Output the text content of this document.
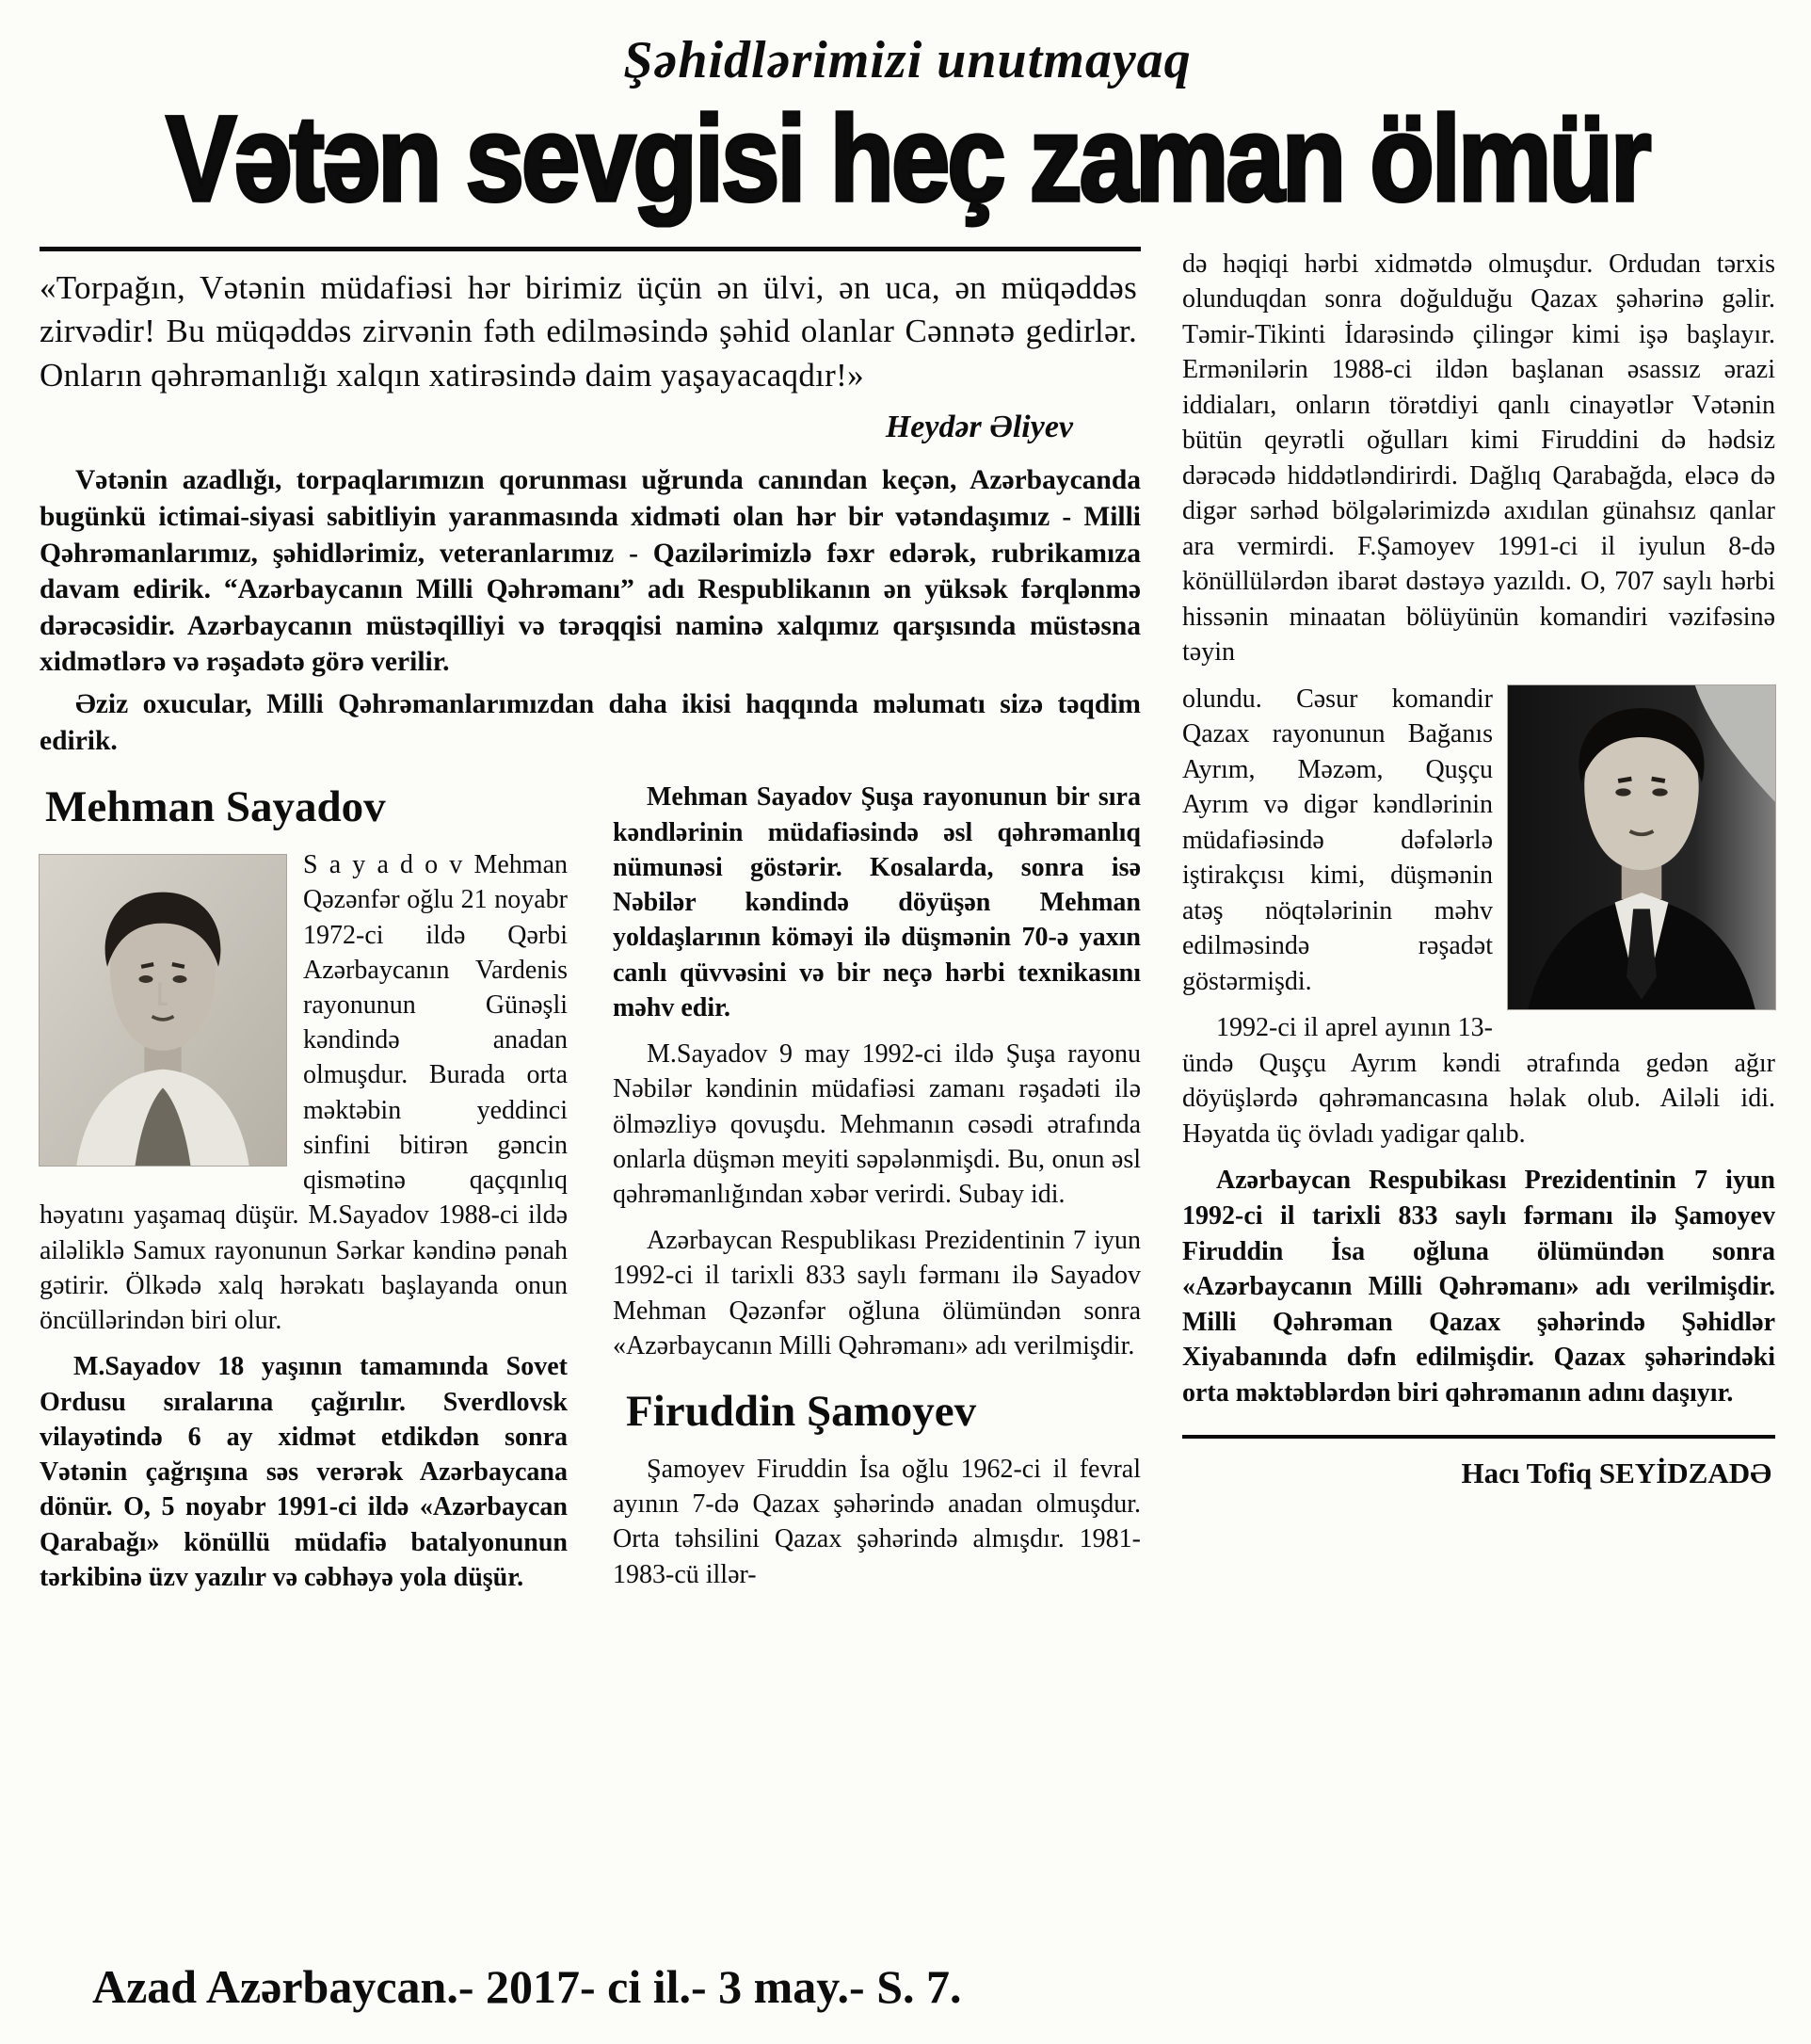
Şəhidlərimizi unutmayaq
Vətən sevgisi heç zaman ölmür
«Torpağın, Vətənin müdafiəsi hər birimiz üçün ən ülvi, ən uca, ən müqəddəs zirvədir! Bu müqəddəs zirvənin fəth edilməsində şəhid olanlar Cənnətə gedirlər. Onların qəhrəmanlığı xalqın xatirəsində daim yaşayacaqdır!»
Heydər Əliyev

Vətənin azadlığı, torpaqlarımızın qorunması uğrunda canından keçən, Azərbaycanda bugünkü ictimai-siyasi sabitliyin yaranmasında xidməti olan hər bir vətəndaşımız - Milli Qəhrəmanlarımız, şəhidlərimiz, veteranlarımız - Qazilərimizlə fəxr edərək, rubrikamıza davam edirik. “Azərbaycanın Milli Qəhrəmanı” adı Respublikanın ən yüksək fərqlənmə dərəcəsidir. Azərbaycanın müstəqilliyi və tərəqqisi naminə xalqımız qarşısında müstəsna xidmətlərə və rəşadətə görə verilir.

Əziz oxucular, Milli Qəhrəmanlarımızdan daha ikisi haqqında məlumatı sizə təqdim edirik.

Mehman Sayadov

S a y a d o v Mehman Qəzənfər oğlu 21 noyabr 1972-ci ildə Qərbi Azərbaycanın Vardenis rayonunun Günəşli kəndində anadan olmuşdur. Burada orta məktəbin yeddinci sinfini bitirən gəncin qismətinə qaçqınlıq həyatını yaşamaq düşür. M.Sayadov 1988-ci ildə ailəliklə Samux rayonunun Sərkar kəndinə pənah gətirir. Ölkədə xalq hərəkatı başlayanda onun öncüllərindən biri olur.

M.Sayadov 18 yaşının tamamında Sovet Ordusu sıralarına çağırılır. Sverdlovsk vilayətində 6 ay xidmət etdikdən sonra Vətənin çağrışına səs verərək Azərbaycana dönür. O, 5 noyabr 1991-ci ildə «Azərbaycan Qarabağı» könüllü müdafiə batalyonunun tərkibinə üzv yazılır və cəbhəyə yola düşür.

Mehman Sayadov Şuşa rayonunun bir sıra kəndlərinin müdafiəsində əsl qəhrəmanlıq nümunəsi göstərir. Kosalarda, sonra isə Nəbilər kəndində döyüşən Mehman yoldaşlarının köməyi ilə düşmənin 70-ə yaxın canlı qüvvəsini və bir neçə hərbi texnikasını məhv edir.

M.Sayadov 9 may 1992-ci ildə Şuşa rayonu Nəbilər kəndinin müdafiəsi zamanı rəşadəti ilə ölməzliyə qovuşdu. Mehmanın cəsədi ətrafında onlarla düşmən meyiti səpələnmişdi. Bu, onun əsl qəhrəmanlığından xəbər verirdi. Subay idi.

Azərbaycan Respublikası Prezidentinin 7 iyun 1992-ci il tarixli 833 saylı fərmanı ilə Sayadov Mehman Qəzənfər oğluna ölümündən sonra «Azərbaycanın Milli Qəhrəmanı» adı verilmişdir.

Firuddin Şamoyev

Şamoyev Firuddin İsa oğlu 1962-ci il fevral ayının 7-də Qazax şəhərində anadan olmuşdur. Orta təhsilini Qazax şəhərində almışdır. 1981-1983-cü illər-

də həqiqi hərbi xidmətdə olmuşdur. Ordudan tərxis olunduqdan sonra doğulduğu Qazax şəhərinə gəlir. Təmir-Tikinti İdarəsində çilingər kimi işə başlayır. Ermənilərin 1988-ci ildən başlanan əsassız ərazi iddiaları, onların törətdiyi qanlı cinayətlər Vətənin bütün qeyrətli oğulları kimi Firuddini də hədsiz dərəcədə hiddətləndirirdi. Dağlıq Qarabağda, eləcə də digər sərhəd bölgələrimizdə axıdılan günahsız qanlar ara vermirdi. F.Şamoyev 1991-ci il iyulun 8-də könüllülərdən ibarət dəstəyə yazıldı. O, 707 saylı hərbi hissənin minaatan bölüyünün komandiri vəzifəsinə təyin

olundu. Cəsur komandir Qazax rayonunun Bağanıs Ayrım, Məzəm, Quşçu Ayrım və digər kəndlərinin müdafiəsində dəfələrlə iştirakçısı kimi, düşmənin atəş nöqtələrinin məhv edilməsində rəşadət göstərmişdi.

1992-ci il aprel ayının 13-ündə Quşçu Ayrım kəndi ətrafında gedən ağır döyüşlərdə qəhrəmancasına həlak olub. Ailəli idi. Həyatda üç övladı yadigar qalıb.

Azərbaycan Respubikası Prezidentinin 7 iyun 1992-ci il tarixli 833 saylı fərmanı ilə Şamoyev Firuddin İsa oğluna ölümündən sonra «Azərbaycanın Milli Qəhrəmanı» adı verilmişdir. Milli Qəhrəman Qazax şəhərində Şəhidlər Xiyabanında dəfn edilmişdir. Qazax şəhərindəki orta məktəblərdən biri qəhrəmanın adını daşıyır.

Hacı Tofiq SEYİDZADƏ
Azad Azərbaycan.- 2017- ci il.- 3 may.- S. 7.
